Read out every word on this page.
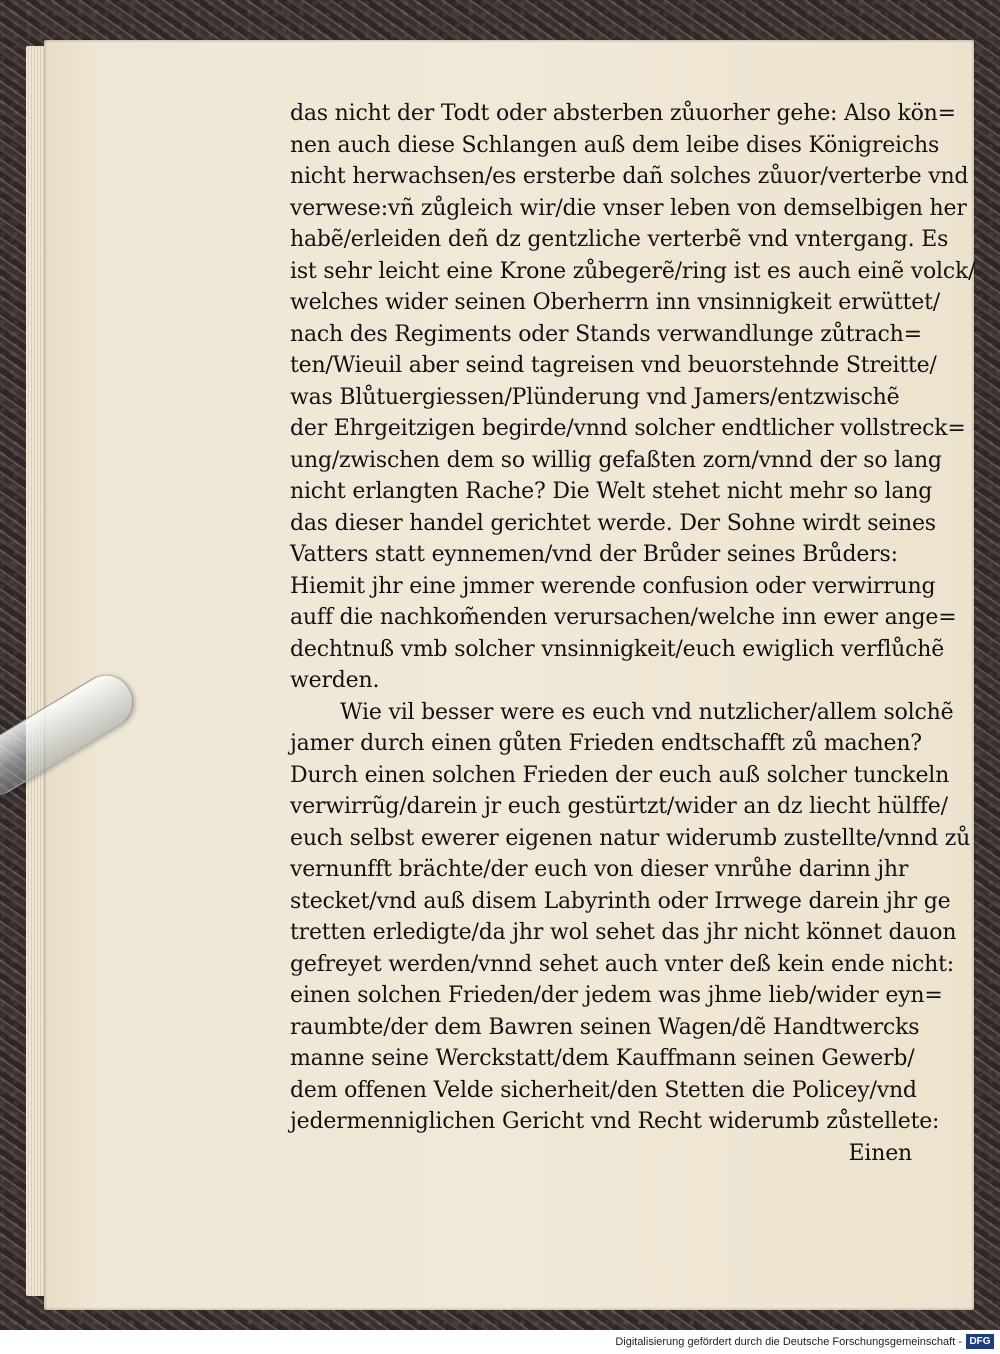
das nicht der Todt oder absterben zůuorher gehe: Also kön=
nen auch diese Schlangen auß dem leibe dises Königreichs
nicht herwachsen/es ersterbe dañ solches zůuor/verterbe vnd
verwese:vñ zůgleich wir/die vnser leben von demselbigen her
habẽ/erleiden deñ dz gentzliche verterbẽ vnd vntergang. Es
ist sehr leicht eine Krone zůbegerẽ/ring ist es auch einẽ volck/
welches wider seinen Oberherrn inn vnsinnigkeit erwüttet/
nach des Regiments oder Stands verwandlunge zůtrach=
ten/Wieuil aber seind tagreisen vnd beuorstehnde Streitte/
was Blůtuergiessen/Plünderung vnd Jamers/entzwischẽ
der Ehrgeitzigen begirde/vnnd solcher endtlicher vollstreck=
ung/zwischen dem so willig gefaßten zorn/vnnd der so lang
nicht erlangten Rache? Die Welt stehet nicht mehr so lang
das dieser handel gerichtet werde. Der Sohne wirdt seines
Vatters statt eynnemen/vnd der Brůder seines Brůders:
Hiemit jhr eine jmmer werende confusion oder verwirrung
auff die nachkom̃enden verursachen/welche inn ewer ange=
dechtnuß vmb solcher vnsinnigkeit/euch ewiglich verflůchẽ
werden.
Wie vil besser were es euch vnd nutzlicher/allem solchẽ
jamer durch einen gůten Frieden endtschafft zů machen?
Durch einen solchen Frieden der euch auß solcher tunckeln
verwirrũg/darein jr euch gestürtzt/wider an dz liecht hülffe/
euch selbst ewerer eigenen natur widerumb zustellte/vnnd zů
vernunfft brächte/der euch von dieser vnrůhe darinn jhr
stecket/vnd auß disem Labyrinth oder Irrwege darein jhr ge
tretten erledigte/da jhr wol sehet das jhr nicht könnet dauon
gefreyet werden/vnnd sehet auch vnter deß kein ende nicht:
einen solchen Frieden/der jedem was jhme lieb/wider eyn=
raumbte/der dem Bawren seinen Wagen/dẽ Handtwercks
manne seine Werckstatt/dem Kauffmann seinen Gewerb/
dem offenen Velde sicherheit/den Stetten die Policey/vnd
jedermenniglichen Gericht vnd Recht widerumb zůstellete:
Einen
Digitalisierung gefördert durch die Deutsche Forschungsgemeinschaft - DFG
